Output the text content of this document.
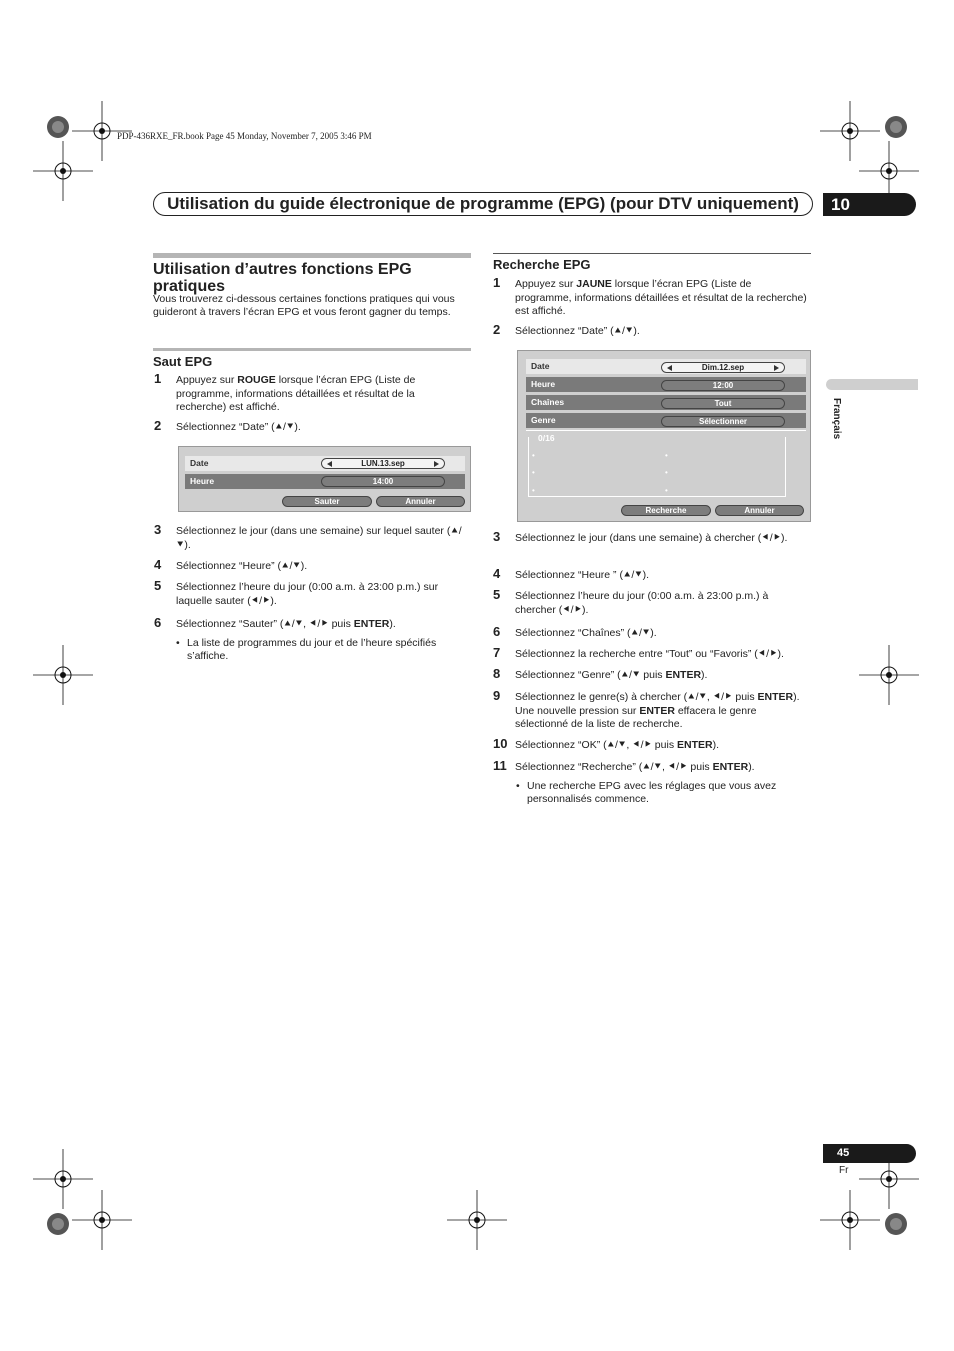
PDP-436RXE_FR.book Page 45 Monday, November 7, 2005 3:46 PM
Utilisation du guide électronique de programme (EPG) (pour DTV uniquement)	10
Français
Utilisation d’autres fonctions EPG pratiques
Vous trouverez ci-dessous certaines fonctions pratiques qui vous guideront à travers l’écran EPG et vous feront gagner du temps.
Saut EPG
1 Appuyez sur ROUGE lorsque l’écran EPG (Liste de programme, informations détaillées et résultat de la recherche) est affiché.
2 Sélectionnez “Date” (⯅/⯆).
Date	LUN.13.sep
Heure	14:00
Sauter	Annuler
3 Sélectionnez le jour (dans une semaine) sur lequel sauter (⯅/⯆).
4 Sélectionnez “Heure” (⯅/⯆).
5 Sélectionnez l’heure du jour (0:00 a.m. à 23:00 p.m.) sur laquelle sauter (⯇/⯈).
6 Sélectionnez “Sauter” (⯅/⯆, ⯇/⯈ puis ENTER).
• La liste de programmes du jour et de l’heure spécifiés s’affiche.
Recherche EPG
1 Appuyez sur JAUNE lorsque l’écran EPG (Liste de programme, informations détaillées et résultat de la recherche) est affiché.
2 Sélectionnez “Date” (⯅/⯆).
Date	Dim.12.sep
Heure	12:00
Chaînes	Tout
Genre	Sélectionner
0/16
•
•
•
•
•
•
Recherche	Annuler
3 Sélectionnez le jour (dans une semaine) à chercher (⯇/⯈).
4 Sélectionnez “Heure ” (⯅/⯆).
5 Sélectionnez l’heure du jour (0:00 a.m. à 23:00 p.m.) à chercher (⯇/⯈).
6 Sélectionnez “Chaînes” (⯅/⯆).
7 Sélectionnez la recherche entre “Tout” ou “Favoris” (⯇/⯈).
8 Sélectionnez “Genre” (⯅/⯆ puis ENTER).
9 Sélectionnez le genre(s) à chercher (⯅/⯆, ⯇/⯈ puis ENTER). Une nouvelle pression sur ENTER effacera le genre sélectionné de la liste de recherche.
10 Sélectionnez “OK” (⯅/⯆, ⯇/⯈ puis ENTER).
11 Sélectionnez “Recherche” (⯅/⯆, ⯇/⯈ puis ENTER).
• Une recherche EPG avec les réglages que vous avez personnalisés commence.
45
Fr
